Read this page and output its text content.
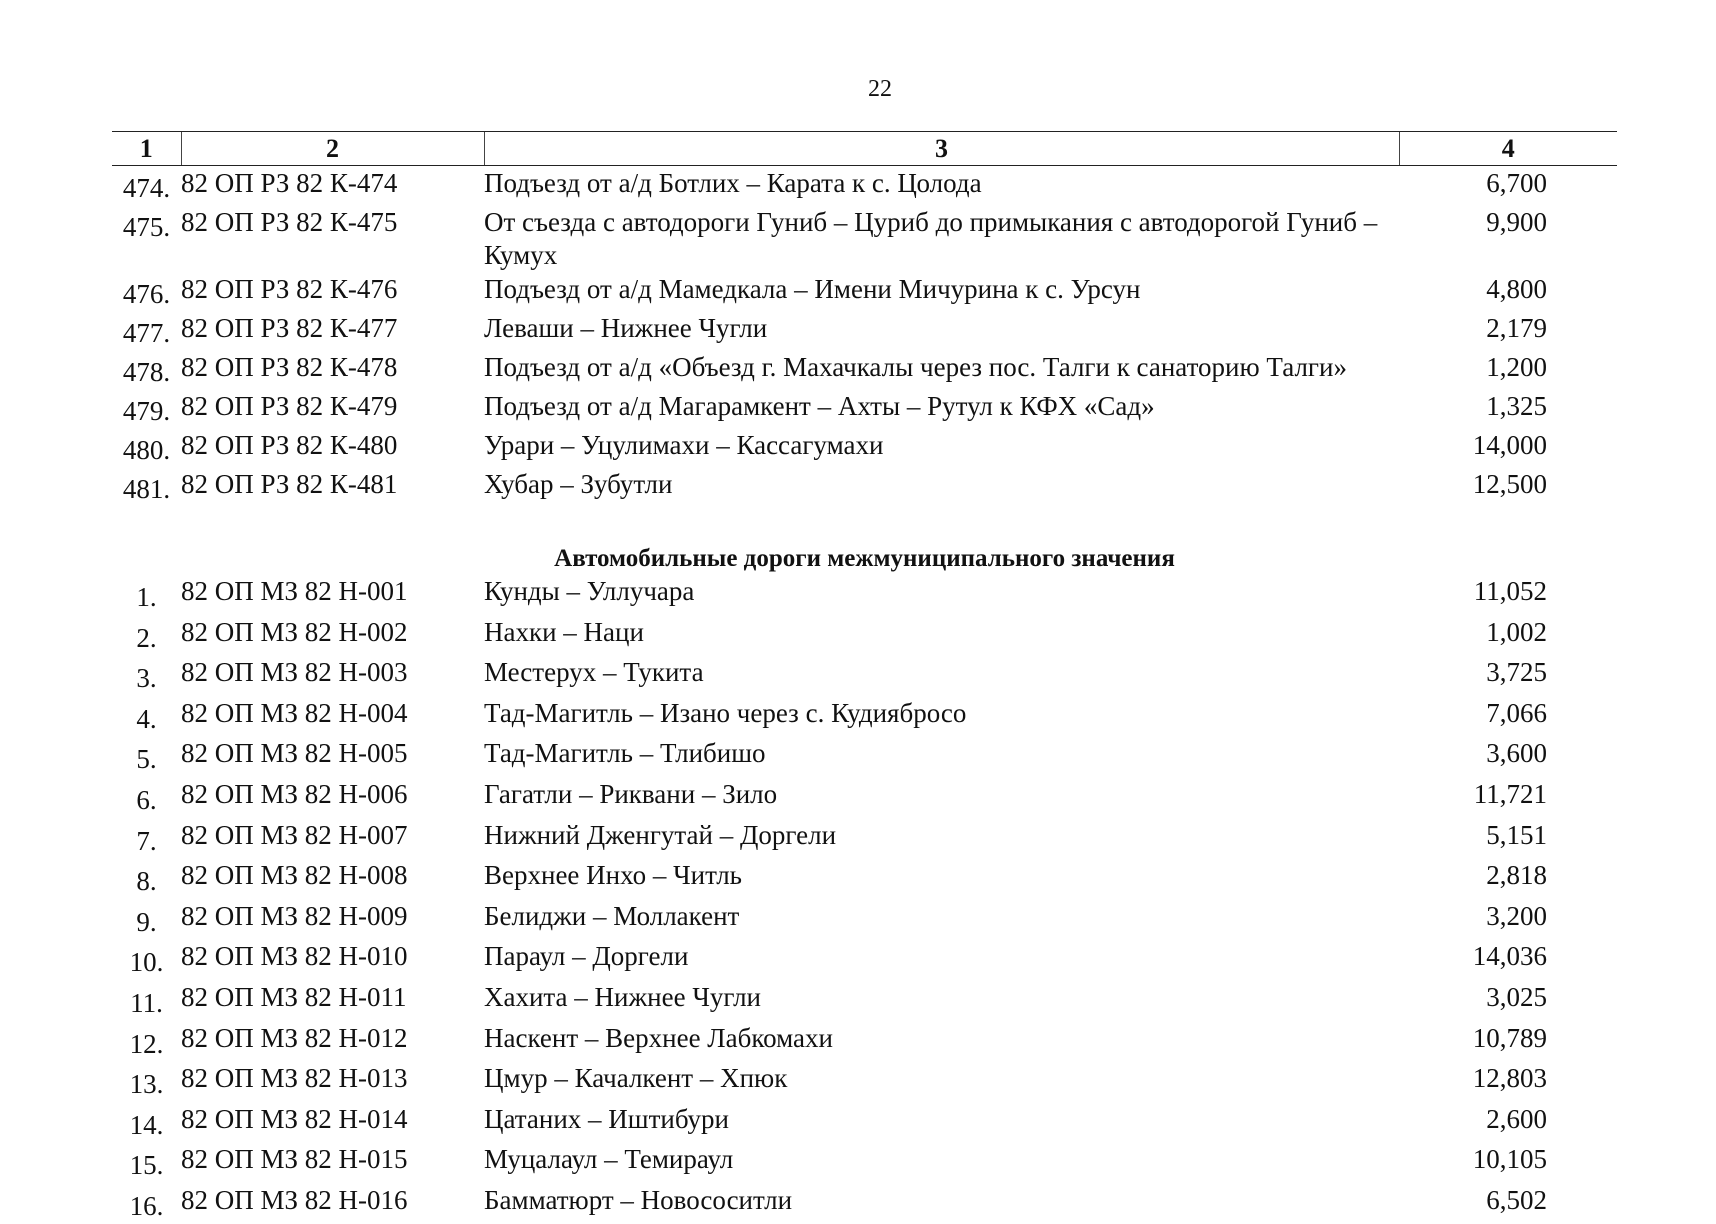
22
1	2	3	4
474.	82 ОП РЗ 82 К-474	Подъезд от а/д Ботлих – Карата к с. Цолода	6,700
475.	82 ОП РЗ 82 К-475	От съезда с автодороги Гуниб – Цуриб до примыкания с автодорогой Гуниб – Кумух	9,900
476.	82 ОП РЗ 82 К-476	Подъезд от а/д Мамедкала – Имени Мичурина к с. Урсун	4,800
477.	82 ОП РЗ 82 К-477	Леваши – Нижнее Чугли	2,179
478.	82 ОП РЗ 82 К-478	Подъезд от а/д «Объезд г. Махачкалы через пос. Талги к санаторию Талги»	1,200
479.	82 ОП РЗ 82 К-479	Подъезд от а/д Магарамкент – Ахты – Рутул к КФХ «Сад»	1,325
480.	82 ОП РЗ 82 К-480	Урари – Уцулимахи – Кассагумахи	14,000
481.	82 ОП РЗ 82 К-481	Хубар – Зубутли	12,500
Автомобильные дороги межмуниципального значения			
1.	82 ОП МЗ 82 Н-001	Кунды – Уллучара	11,052
2.	82 ОП МЗ 82 Н-002	Нахки – Наци	1,002
3.	82 ОП МЗ 82 Н-003	Местерух – Тукита	3,725
4.	82 ОП МЗ 82 Н-004	Тад-Магитль – Изано через с. Кудиябросо	7,066
5.	82 ОП МЗ 82 Н-005	Тад-Магитль – Тлибишо	3,600
6.	82 ОП МЗ 82 Н-006	Гагатли – Риквани – Зило	11,721
7.	82 ОП МЗ 82 Н-007	Нижний Дженгутай – Доргели	5,151
8.	82 ОП МЗ 82 Н-008	Верхнее Инхо – Читль	2,818
9.	82 ОП МЗ 82 Н-009	Белиджи – Моллакент	3,200
10.	82 ОП МЗ 82 Н-010	Параул – Доргели	14,036
11.	82 ОП МЗ 82 Н-011	Хахита – Нижнее Чугли	3,025
12.	82 ОП МЗ 82 Н-012	Наскент – Верхнее Лабкомахи	10,789
13.	82 ОП МЗ 82 Н-013	Цмур – Качалкент – Хпюк	12,803
14.	82 ОП МЗ 82 Н-014	Цатаних – Иштибури	2,600
15.	82 ОП МЗ 82 Н-015	Муцалаул – Темираул	10,105
16.	82 ОП МЗ 82 Н-016	Бамматюрт – Новососитли	6,502
